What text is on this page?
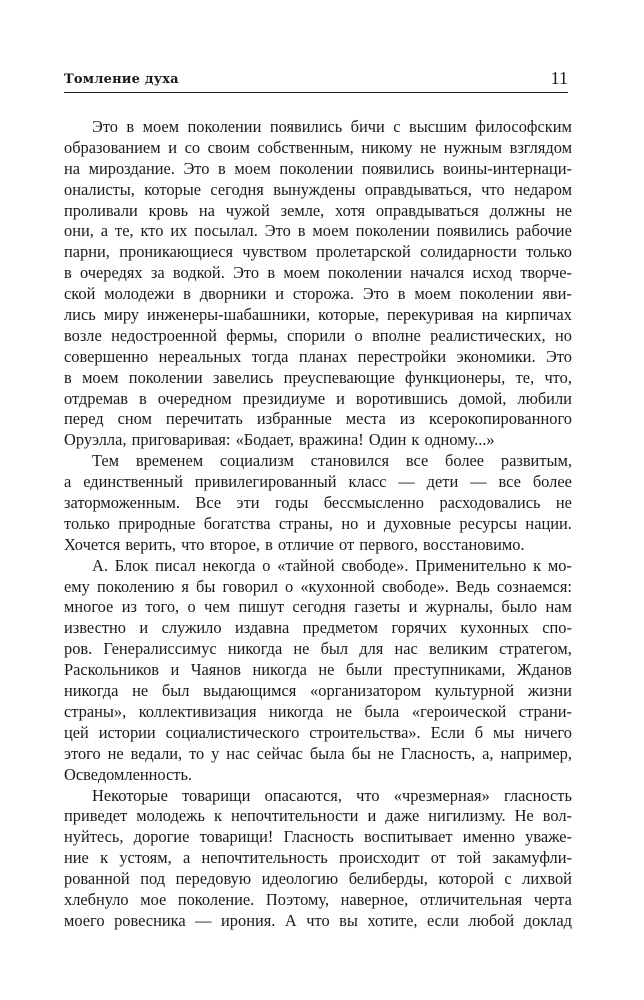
Томление духа	11
Это в моем поколении появились бичи с высшим философским
образованием и со своим собственным, никому не нужным взглядом
на мироздание. Это в моем поколении появились воины-интернаци-
оналисты, которые сегодня вынуждены оправдываться, что недаром
проливали кровь на чужой земле, хотя оправдываться должны не
они, а те, кто их посылал. Это в моем поколении появились рабочие
парни, проникающиеся чувством пролетарской солидарности только
в очередях за водкой. Это в моем поколении начался исход творче-
ской молодежи в дворники и сторожа. Это в моем поколении яви-
лись миру инженеры-шабашники, которые, перекуривая на кирпичах
возле недостроенной фермы, спорили о вполне реалистических, но
совершенно нереальных тогда планах перестройки экономики. Это
в моем поколении завелись преуспевающие функционеры, те, что,
отдремав в очередном президиуме и воротившись домой, любили
перед сном перечитать избранные места из ксерокопированного
Оруэлла, приговаривая: «Бодает, вражина! Один к одному...»
Тем временем социализм становился все более развитым,
а единственный привилегированный класс — дети — все более
заторможенным. Все эти годы бессмысленно расходовались не
только природные богатства страны, но и духовные ресурсы нации.
Хочется верить, что второе, в отличие от первого, восстановимо.
А. Блок писал некогда о «тайной свободе». Применительно к мо-
ему поколению я бы говорил о «кухонной свободе». Ведь сознаемся:
многое из того, о чем пишут сегодня газеты и журналы, было нам
известно и служило издавна предметом горячих кухонных спо-
ров. Генералиссимус никогда не был для нас великим стратегом,
Раскольников и Чаянов никогда не были преступниками, Жданов
никогда не был выдающимся «организатором культурной жизни
страны», коллективизация никогда не была «героической страни-
цей истории социалистического строительства». Если б мы ничего
этого не ведали, то у нас сейчас была бы не Гласность, а, например,
Осведомленность.
Некоторые товарищи опасаются, что «чрезмерная» гласность
приведет молодежь к непочтительности и даже нигилизму. Не вол-
нуйтесь, дорогие товарищи! Гласность воспитывает именно уваже-
ние к устоям, а непочтительность происходит от той закамуфли-
рованной под передовую идеологию белиберды, которой с лихвой
хлебнуло мое поколение. Поэтому, наверное, отличительная черта
моего ровесника — ирония. А что вы хотите, если любой доклад
